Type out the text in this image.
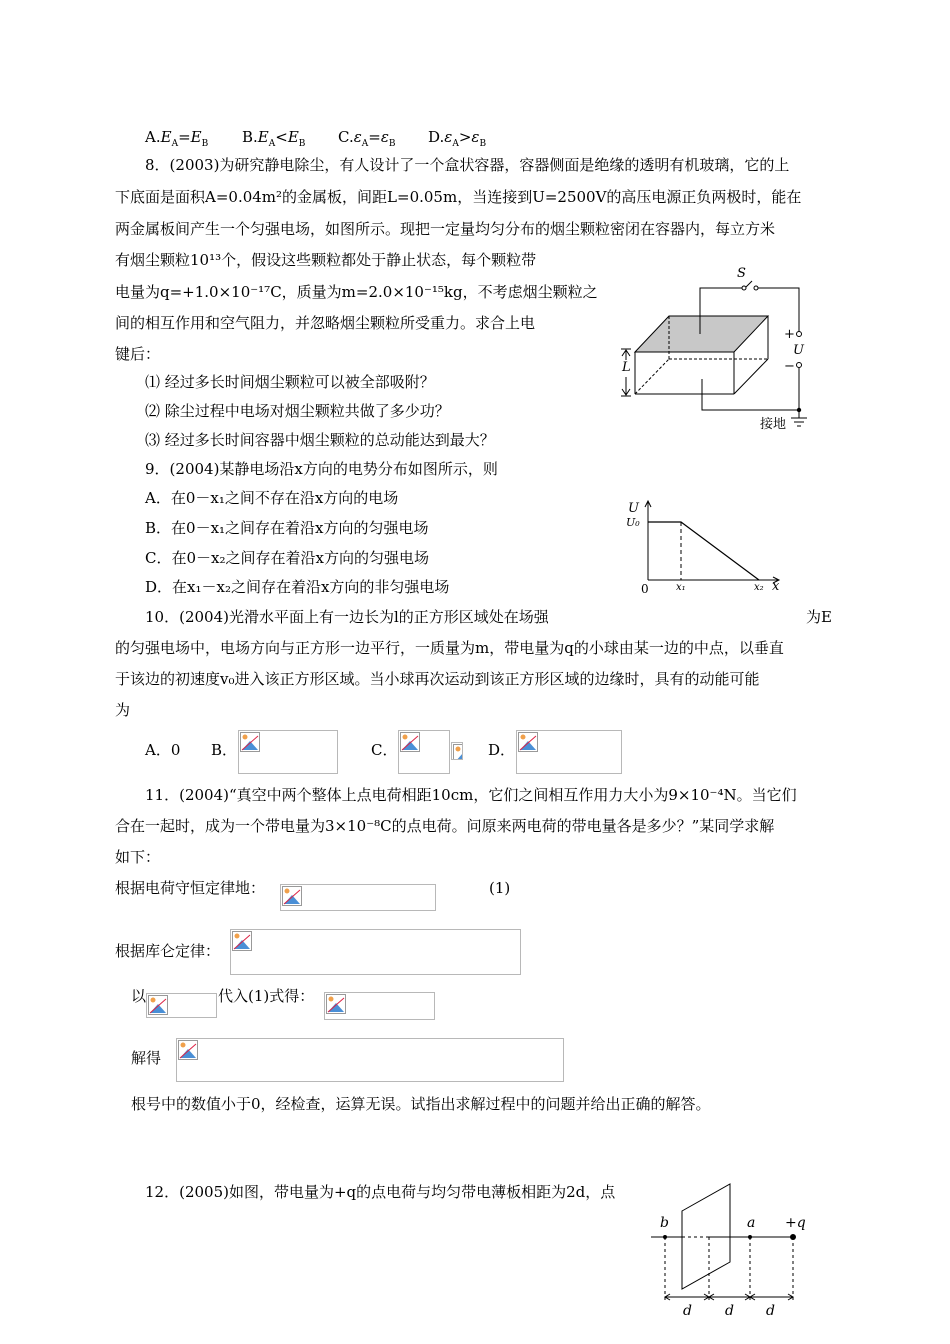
$A.E_A=E_B$ $B.E_A<E_B$ $C.\varepsilon_A=\varepsilon_B$ $D.\varepsilon_A>\varepsilon_B$
8．(2003)为研究静电除尘，有人设计了一个盒状容器，容器侧面是绝缘的透明有机玻璃，它的上
下底面是面积A=0.04m²的金属板，间距L=0.05m，当连接到U=2500V的高压电源正负两极时，能在
两金属板间产生一个匀强电场，如图所示。现把一定量均匀分布的烟尘颗粒密闭在容器内，每立方米
有烟尘颗粒10¹³个，假设这些颗粒都处于静止状态，每个颗粒带
电量为q=+1.0×10⁻¹⁷C，质量为m=2.0×10⁻¹⁵kg，不考虑烟尘颗粒之
间的相互作用和空气阻力，并忽略烟尘颗粒所受重力。求合上电
键后：
⑴ 经过多长时间烟尘颗粒可以被全部吸附？
⑵ 除尘过程中电场对烟尘颗粒共做了多少功？
⑶ 经过多长时间容器中烟尘颗粒的总动能达到最大？
S
+
U
−
L
接地
9．(2004)某静电场沿x方向的电势分布如图所示，则
A．在0－x₁之间不存在沿x方向的电场
B．在0－x₁之间存在着沿x方向的匀强电场
C．在0－x₂之间存在着沿x方向的匀强电场
D．在x₁－x₂之间存在着沿x方向的非匀强电场
U
U₀
0	x₁	x₂ x
10．(2004)光滑水平面上有一边长为l的正方形区域处在场强	为E
的匀强电场中，电场方向与正方形一边平行，一质量为m，带电量为q的小球由某一边的中点，以垂直
于该边的初速度v₀进入该正方形区域。当小球再次运动到该正方形区域的边缘时，具有的动能可能
为
A．0 B．	C．	D．
11．(2004)“真空中两个整体上点电荷相距10cm，它们之间相互作用力大小为9×10⁻⁴N。当它们
合在一起时，成为一个带电量为3×10⁻⁸C的点电荷。问原来两电荷的带电量各是多少？”某同学求解
如下：
根据电荷守恒定律地：	(1)
根据库仑定律：
以	代入(1)式得：
解得
根号中的数值小于0，经检查，运算无误。试指出求解过程中的问题并给出正确的解答。
12．(2005)如图，带电量为+q的点电荷与均匀带电薄板相距为2d，点
b	a +q
d d d
